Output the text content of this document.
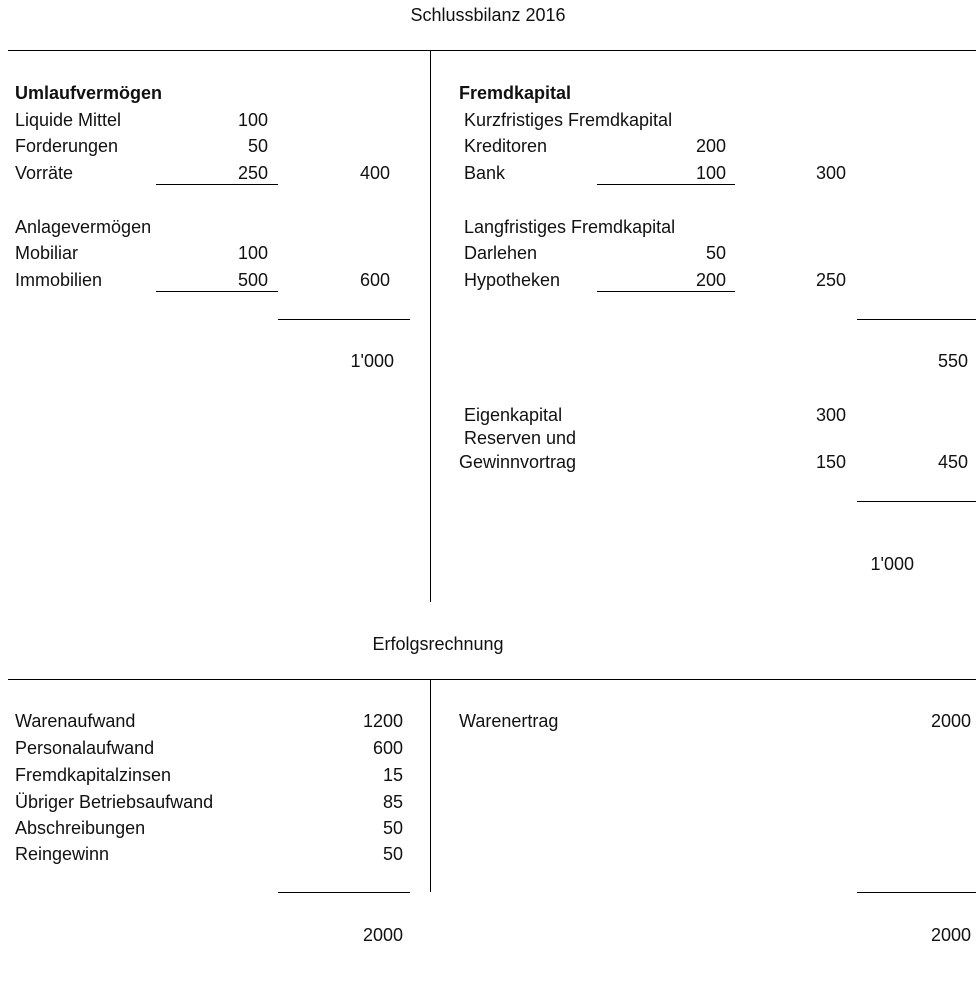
Schlussbilanz 2016
Umlaufvermögen
Liquide Mittel	100
Forderungen	50
Vorräte	250	400
Anlagevermögen
Mobiliar	100
Immobilien	500	600
1'000
Fremdkapital
Kurzfristiges Fremdkapital
Kreditoren	200
Bank	100	300
Langfristiges Fremdkapital
Darlehen	50
Hypotheken	200	250
550
Eigenkapital	300
Reserven und
Gewinnvortrag	150	450
1'000
Erfolgsrechnung
Warenaufwand	1200
Personalaufwand	600
Fremdkapitalzinsen	15
Übriger Betriebsaufwand	85
Abschreibungen	50
Reingewinn	50
2000
Warenertrag	2000
2000
